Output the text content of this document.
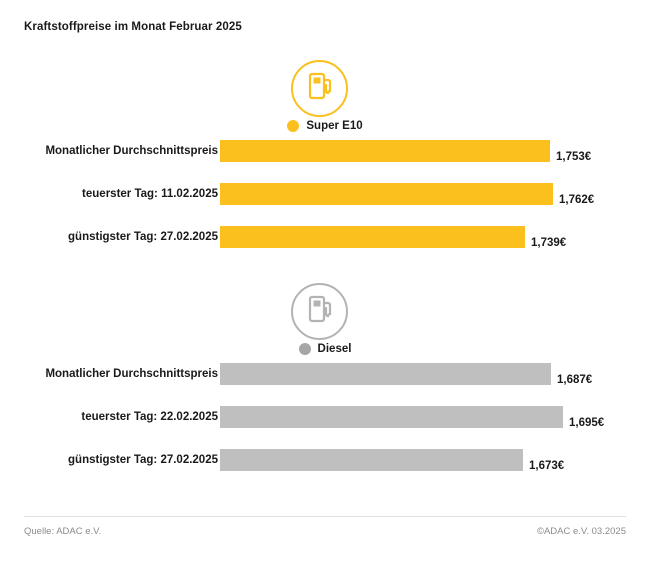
Kraftstoffpreise im Monat Februar 2025
Super E10
Monatlicher Durchschnittspreis	1,753€
teuerster Tag: 11.02.2025	1,762€
günstigster Tag: 27.02.2025	1,739€
Diesel
Monatlicher Durchschnittspreis	1,687€
teuerster Tag: 22.02.2025	1,695€
günstigster Tag: 27.02.2025	1,673€
Quelle: ADAC e.V.	©ADAC e.V. 03.2025
